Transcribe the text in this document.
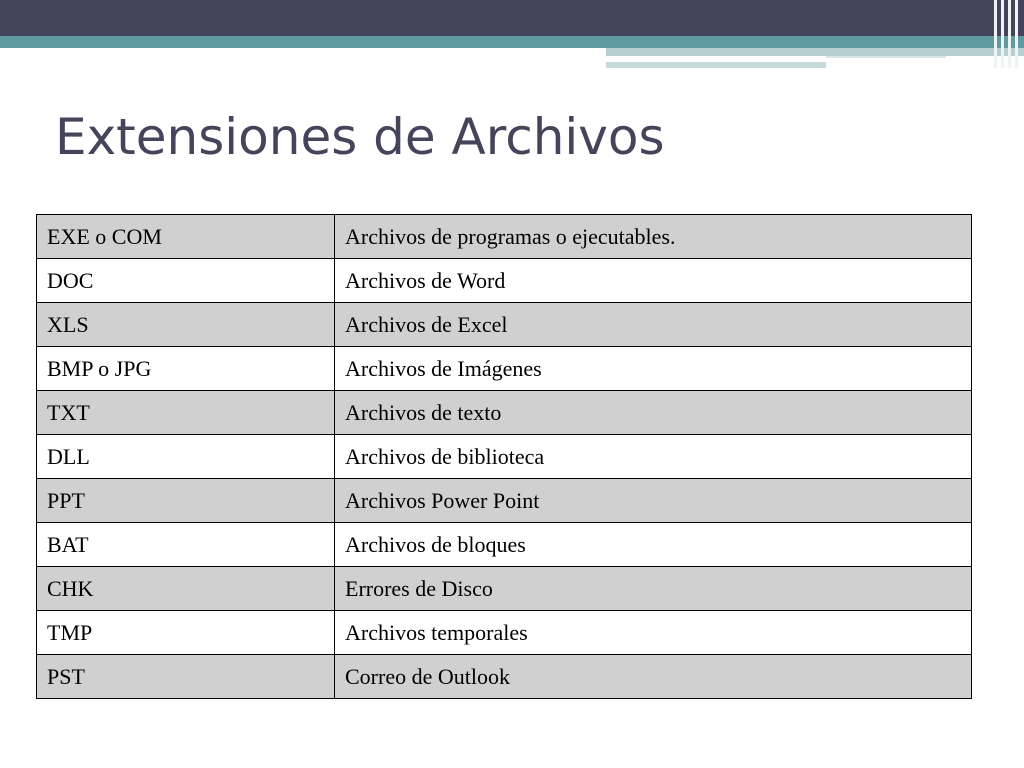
Extensiones de Archivos
EXE o COM	Archivos de programas o ejecutables.
DOC	Archivos de Word
XLS	Archivos de Excel
BMP o JPG	Archivos de Imágenes
TXT	Archivos de texto
DLL	Archivos de biblioteca
PPT	Archivos Power Point
BAT	Archivos de bloques
CHK	Errores de Disco
TMP	Archivos temporales
PST	Correo de Outlook
